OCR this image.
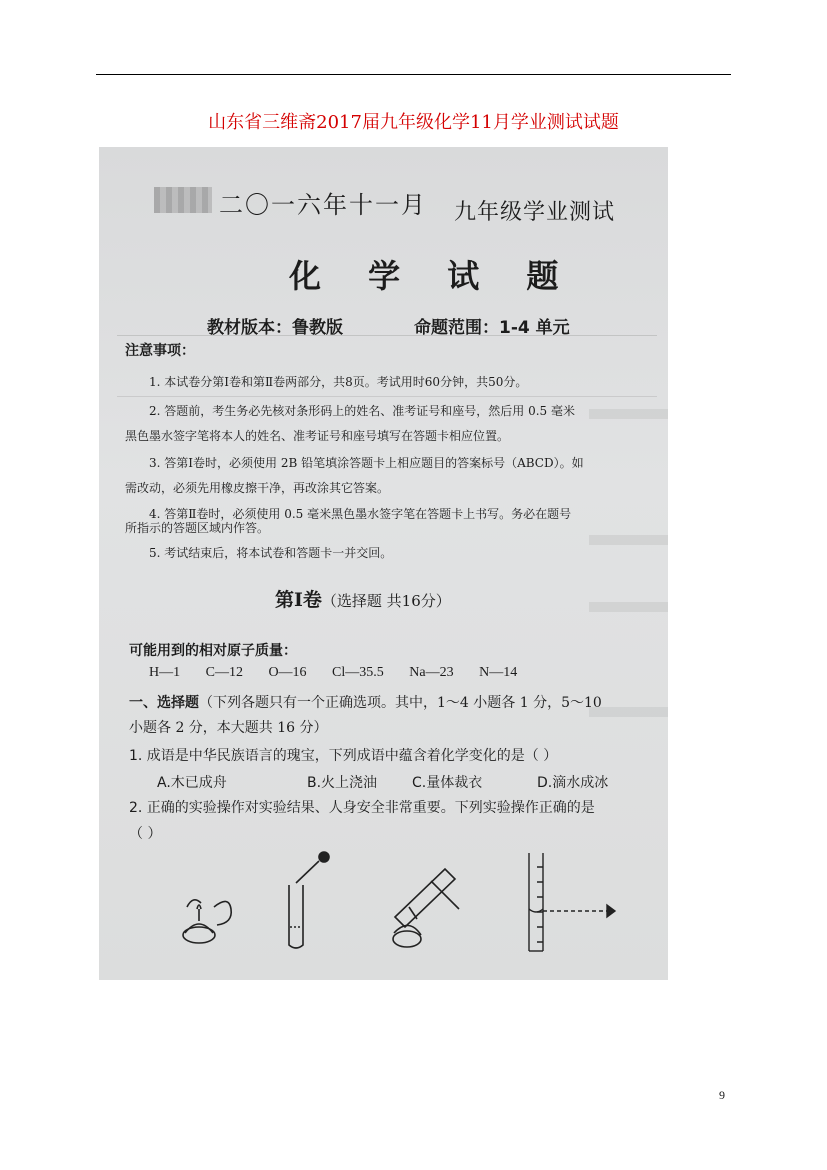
山东省三维斋2017届九年级化学11月学业测试试题
二〇一六年十一月 九年级学业测试
化 学 试 题
教材版本：鲁教版	命题范围：1-4 单元
注意事项：
1. 本试卷分第Ⅰ卷和第Ⅱ卷两部分，共8页。考试用时60分钟，共50分。
2. 答题前，考生务必先核对条形码上的姓名、准考证号和座号，然后用 0.5 毫米
黑色墨水签字笔将本人的姓名、准考证号和座号填写在答题卡相应位置。
3. 答第Ⅰ卷时，必须使用 2B 铅笔填涂答题卡上相应题目的答案标号（ABCD）。如
需改动，必须先用橡皮擦干净，再改涂其它答案。
4. 答第Ⅱ卷时，必须使用 0.5 毫米黑色墨水签字笔在答题卡上书写。务必在题号
所指示的答题区域内作答。
5. 考试结束后，将本试卷和答题卡一并交回。
第Ⅰ卷（选择题 共16分）
可能用到的相对原子质量：
H—1 C—12 O—16 Cl—35.5 Na—23 N—14
一、选择题（下列各题只有一个正确选项。其中，1～4 小题各 1 分，5～10
小题各 2 分，本大题共 16 分）
1. 成语是中华民族语言的瑰宝，下列成语中蕴含着化学变化的是（ ）
A.木已成舟	B.火上浇油 C.量体裁衣	D.滴水成冰
2. 正确的实验操作对实验结果、人身安全非常重要。下列实验操作正确的是
（ ）
9
